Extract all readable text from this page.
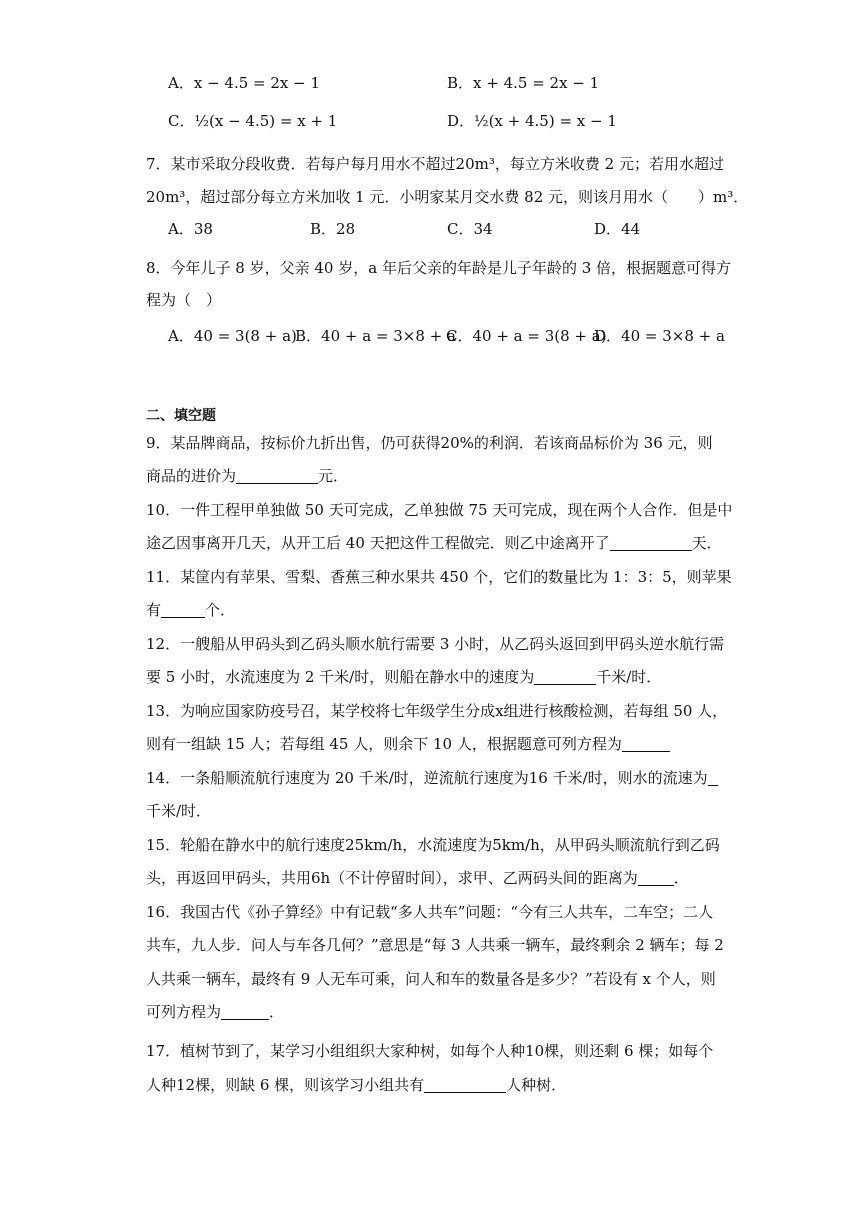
A．x − 4.5 = 2x − 1	B．x + 4.5 = 2x − 1
C．½(x − 4.5) = x + 1	D．½(x + 4.5) = x − 1
7．某市采取分段收费．若每户每月用水不超过20m³，每立方米收费 2 元；若用水超过
20m³，超过部分每立方米加收 1 元．小明家某月交水费 82 元，则该月用水（　　）m³．
A．38	B．28	C．34	D．44
8．今年儿子 8 岁，父亲 40 岁，a 年后父亲的年龄是儿子年龄的 3 倍，根据题意可得方
程为（　）
A．40 = 3(8 + a)
B．40 + a = 3×8 + a
C．40 + a = 3(8 + a)
D．40 = 3×8 + a
二、填空题
9．某品牌商品，按标价九折出售，仍可获得20%的利润．若该商品标价为 36 元，则
商品的进价为	元．
10．一件工程甲单独做 50 天可完成，乙单独做 75 天可完成，现在两个人合作．但是中
途乙因事离开几天，从开工后 40 天把这件工程做完．则乙中途离开了	天．
11．某筐内有苹果、雪梨、香蕉三种水果共 450 个，它们的数量比为 1：3：5，则苹果
有	个．
12．一艘船从甲码头到乙码头顺水航行需要 3 小时，从乙码头返回到甲码头逆水航行需
要 5 小时，水流速度为 2 千米/时，则船在静水中的速度为	千米/时．
13．为响应国家防疫号召，某学校将七年级学生分成x组进行核酸检测，若每组 50 人，
则有一组缺 15 人；若每组 45 人，则余下 10 人，根据题意可列方程为
14．一条船顺流航行速度为 20 千米/时，逆流航行速度为16 千米/时，则水的流速为
千米/时．
15．轮船在静水中的航行速度25km/h，水流速度为5km/h，从甲码头顺流航行到乙码
头，再返回甲码头，共用6h（不计停留时间），求甲、乙两码头间的距离为 ．
16．我国古代《孙子算经》中有记载“多人共车”问题：“今有三人共车，二车空；二人
共车，九人步．问人与车各几何？”意思是“每 3 人共乘一辆车，最终剩余 2 辆车；每 2
人共乘一辆车，最终有 9 人无车可乘，问人和车的数量各是多少？”若设有 x 个人，则
可列方程为	．
17．植树节到了，某学习小组组织大家种树，如每个人种10棵，则还剩 6 棵；如每个
人种12棵，则缺 6 棵，则该学习小组共有	人种树．
